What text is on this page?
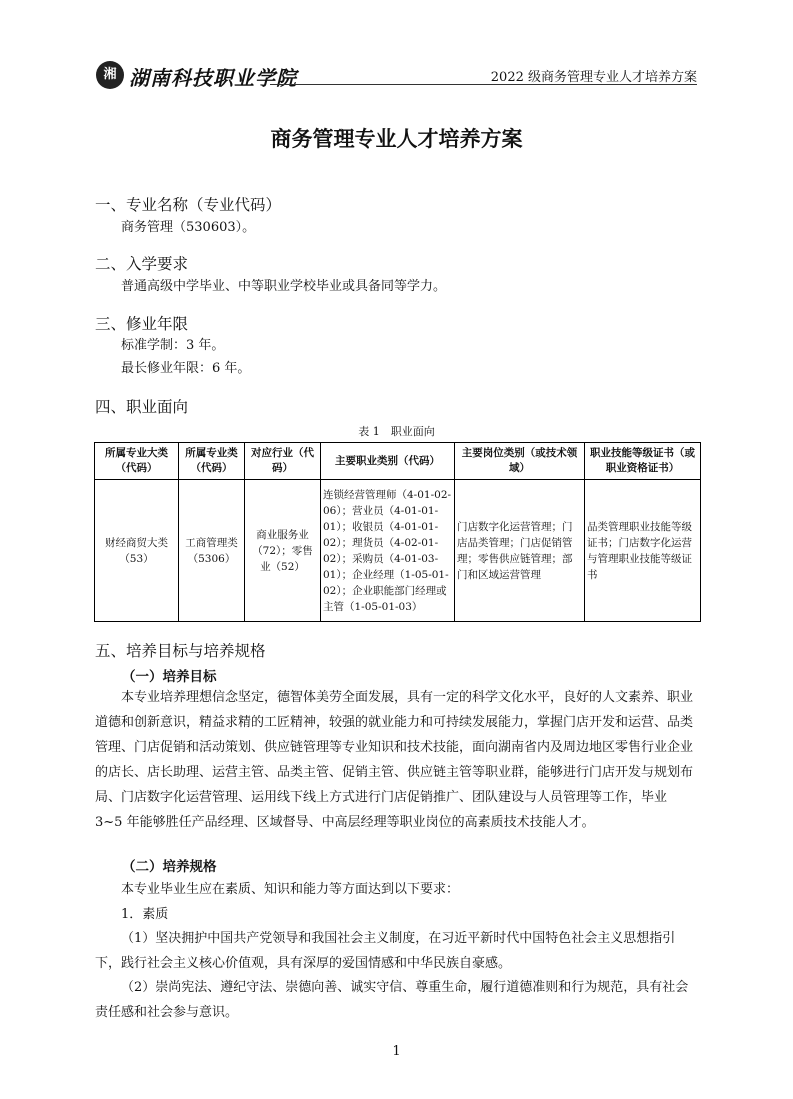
湘 湖南科技职业学院	2022 级商务管理专业人才培养方案
商务管理专业人才培养方案
一、专业名称（专业代码）
商务管理（530603）。
二、入学要求
普通高级中学毕业、中等职业学校毕业或具备同等学力。
三、修业年限
标准学制：3 年。
最长修业年限：6 年。
四、职业面向
表 1　职业面向
所属专业大类（代码）	所属专业类（代码）	对应行业（代码）	主要职业类别（代码）	主要岗位类别（或技术领域）	职业技能等级证书（或职业资格证书）
财经商贸大类（53）	工商管理类（5306）	商业服务业（72）；零售业（52）	连锁经营管理师（4-01-02-06）；营业员（4-01-01-01）；收银员（4-01-01-02）；理货员（4-02-01-02）；采购员（4-01-03-01）；企业经理（1-05-01-02）；企业职能部门经理或主管（1-05-01-03）	门店数字化运营管理；门店品类管理；门店促销管理；零售供应链管理；部门和区域运营管理	品类管理职业技能等级证书；门店数字化运营与管理职业技能等级证书
五、培养目标与培养规格
（一）培养目标
本专业培养理想信念坚定，德智体美劳全面发展，具有一定的科学文化水平，良好的人文素养、职业道德和创新意识，精益求精的工匠精神，较强的就业能力和可持续发展能力，掌握门店开发和运营、品类管理、门店促销和活动策划、供应链管理等专业知识和技术技能，面向湖南省内及周边地区零售行业企业的店长、店长助理、运营主管、品类主管、促销主管、供应链主管等职业群，能够进行门店开发与规划布局、门店数字化运营管理、运用线下线上方式进行门店促销推广、团队建设与人员管理等工作，毕业 3~5 年能够胜任产品经理、区域督导、中高层经理等职业岗位的高素质技术技能人才。
（二）培养规格
本专业毕业生应在素质、知识和能力等方面达到以下要求：
1．素质
（1）坚决拥护中国共产党领导和我国社会主义制度，在习近平新时代中国特色社会主义思想指引下，践行社会主义核心价值观，具有深厚的爱国情感和中华民族自豪感。
（2）崇尚宪法、遵纪守法、崇德向善、诚实守信、尊重生命，履行道德准则和行为规范，具有社会责任感和社会参与意识。
1
